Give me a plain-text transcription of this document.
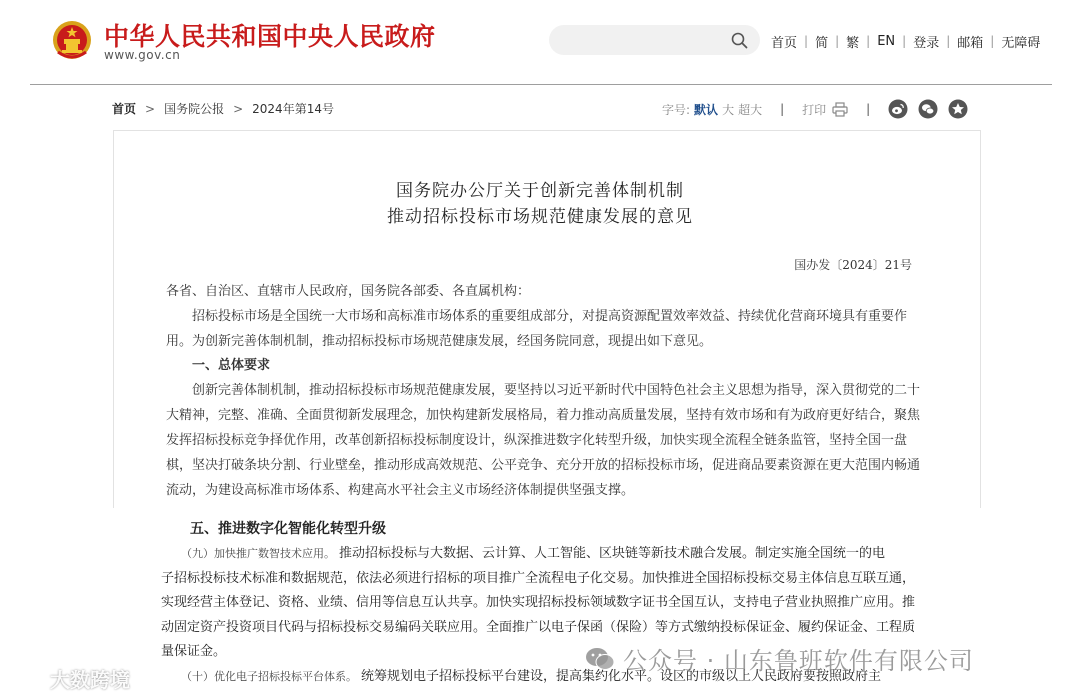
中华人民共和国中央人民政府
www.gov.cn
首页 | 简 | 繁 | EN | 登录 | 邮箱 | 无障碍
首页 > 国务院公报 > 2024年第14号	字号: 默认 大 超大 | 打印	|
国务院办公厅关于创新完善体制机制
推动招标投标市场规范健康发展的意见
国办发〔2024〕21号
各省、自治区、直辖市人民政府，国务院各部委、各直属机构：
招标投标市场是全国统一大市场和高标准市场体系的重要组成部分，对提高资源配置效率效益、持续优化营商环境具有重要作
用。为创新完善体制机制，推动招标投标市场规范健康发展，经国务院同意，现提出如下意见。
一、总体要求
创新完善体制机制，推动招标投标市场规范健康发展，要坚持以习近平新时代中国特色社会主义思想为指导，深入贯彻党的二十
大精神，完整、准确、全面贯彻新发展理念，加快构建新发展格局，着力推动高质量发展，坚持有效市场和有为政府更好结合，聚焦
发挥招标投标竞争择优作用，改革创新招标投标制度设计，纵深推进数字化转型升级，加快实现全流程全链条监管，坚持全国一盘
棋，坚决打破条块分割、行业壁垒，推动形成高效规范、公平竞争、充分开放的招标投标市场，促进商品要素资源在更大范围内畅通
流动，为建设高标准市场体系、构建高水平社会主义市场经济体制提供坚强支撑。
五、推进数字化智能化转型升级
（九）加快推广数智技术应用。 推动招标投标与大数据、云计算、人工智能、区块链等新技术融合发展。制定实施全国统一的电
子招标投标技术标准和数据规范，依法必须进行招标的项目推广全流程电子化交易。加快推进全国招标投标交易主体信息互联互通，
实现经营主体登记、资格、业绩、信用等信息互认共享。加快实现招标投标领域数字证书全国互认，支持电子营业执照推广应用。推
动固定资产投资项目代码与招标投标交易编码关联应用。全面推广以电子保函（保险）等方式缴纳投标保证金、履约保证金、工程质
量保证金。
（十）优化电子招标投标平台体系。 统筹规划电子招标投标平台建设，提高集约化水平。设区的市级以上人民政府要按照政府主
大数跨境
公众号 · 山东鲁班软件有限公司
